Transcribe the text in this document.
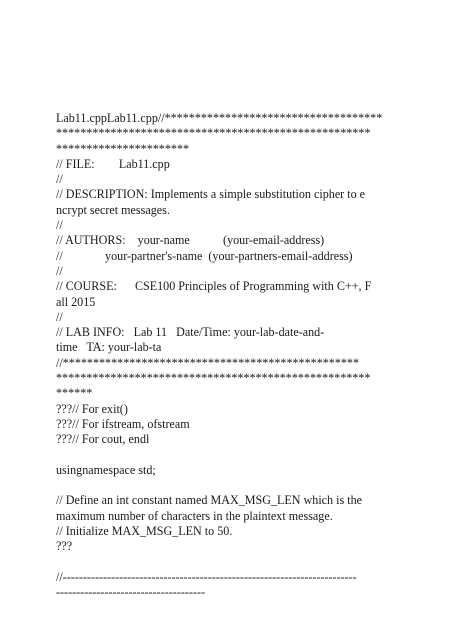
Lab11.cppLab11.cpp//************************************
****************************************************
**********************
// FILE:        Lab11.cpp
//
// DESCRIPTION: Implements a simple substitution cipher to e
ncrypt secret messages.
//
// AUTHORS:    your-name           (your-email-address)
//              your-partner's-name  (your-partners-email-address)
//
// COURSE:      CSE100 Principles of Programming with C++, F
all 2015
//
// LAB INFO:   Lab 11   Date/Time: your-lab-date-and-
time   TA: your-lab-ta
//*************************************************
****************************************************
******
???// For exit()
???// For ifstream, ofstream
???// For cout, endl
usingnamespace std;
// Define an int constant named MAX_MSG_LEN which is the
maximum number of characters in the plaintext message.
// Initialize MAX_MSG_LEN to 50.
???
//-------------------------------------------------------------------------
-------------------------------------
